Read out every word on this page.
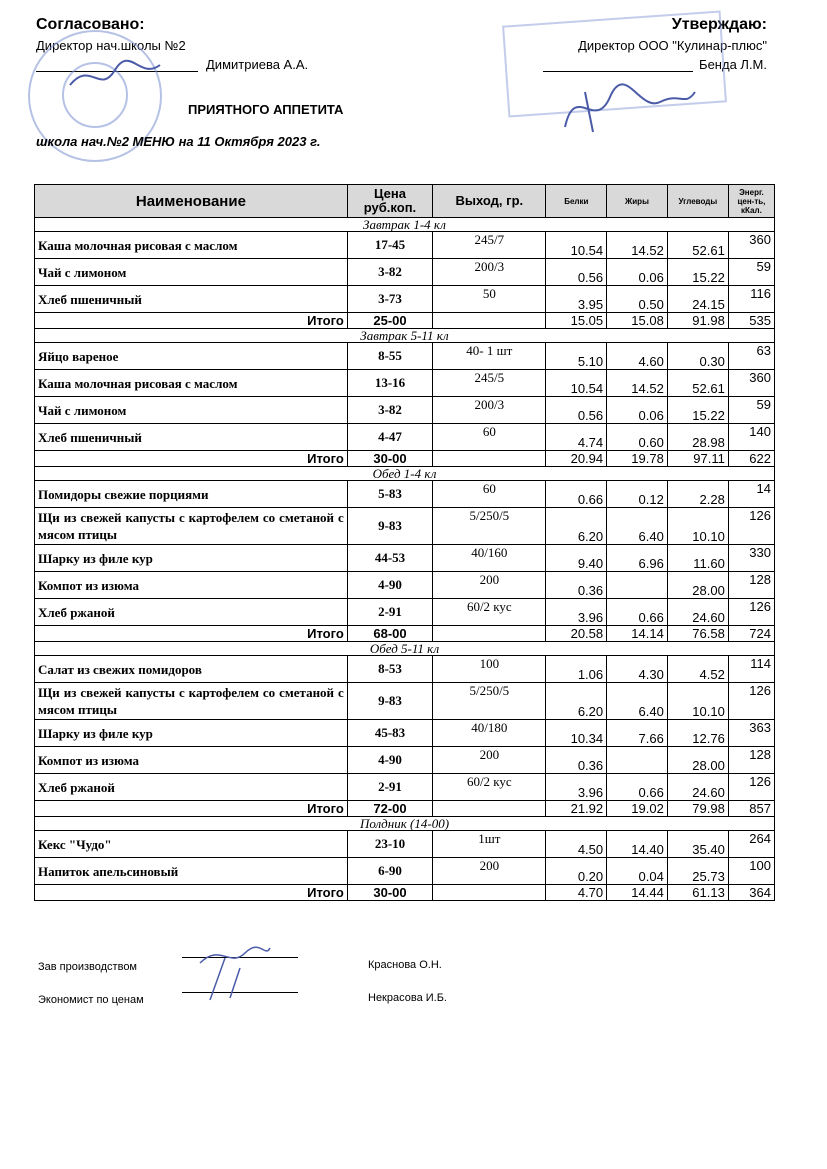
Согласовано:
Директор нач.школы №2
Димитриева А.А.
Утверждаю:
Директор ООО "Кулинар-плюс"
Бенда Л.М.
ПРИЯТНОГО АППЕТИТА
школа нач.№2 МЕНЮ на 11 Октября 2023 г.
Наименование	Цена руб.коп.	Выход, гр.	Белки	Жиры	Углеводы	Энерг. цен-ть, кКал.
Завтрак 1-4 кл						
Каша молочная рисовая с маслом	17-45	245/7	10.54	14.52	52.61	360
Чай с лимоном	3-82	200/3	0.56	0.06	15.22	59
Хлеб пшеничный	3-73	50	3.95	0.50	24.15	116
Итого	25-00		15.05	15.08	91.98	535
Завтрак 5-11 кл						
Яйцо вареное	8-55	40- 1 шт	5.10	4.60	0.30	63
Каша молочная рисовая с маслом	13-16	245/5	10.54	14.52	52.61	360
Чай с лимоном	3-82	200/3	0.56	0.06	15.22	59
Хлеб пшеничный	4-47	60	4.74	0.60	28.98	140
Итого	30-00		20.94	19.78	97.11	622
Обед 1-4 кл						
Помидоры свежие порциями	5-83	60	0.66	0.12	2.28	14
Щи из свежей капусты с картофелем со сметаной с мясом птицы	9-83	5/250/5	6.20	6.40	10.10	126
Шарку из филе кур	44-53	40/160	9.40	6.96	11.60	330
Компот из изюма	4-90	200	0.36		28.00	128
Хлеб ржаной	2-91	60/2 кус	3.96	0.66	24.60	126
Итого	68-00		20.58	14.14	76.58	724
Обед 5-11 кл						
Салат из свежих помидоров	8-53	100	1.06	4.30	4.52	114
Щи из свежей капусты с картофелем со сметаной с мясом птицы	9-83	5/250/5	6.20	6.40	10.10	126
Шарку из филе кур	45-83	40/180	10.34	7.66	12.76	363
Компот из изюма	4-90	200	0.36		28.00	128
Хлеб ржаной	2-91	60/2 кус	3.96	0.66	24.60	126
Итого	72-00		21.92	19.02	79.98	857
Полдник (14-00)						
Кекс "Чудо"	23-10	1шт	4.50	14.40	35.40	264
Напиток апельсиновый	6-90	200	0.20	0.04	25.73	100
Итого	30-00		4.70	14.44	61.13	364
Зав производством	Краснова О.Н.
Экономист по ценам	Некрасова И.Б.
